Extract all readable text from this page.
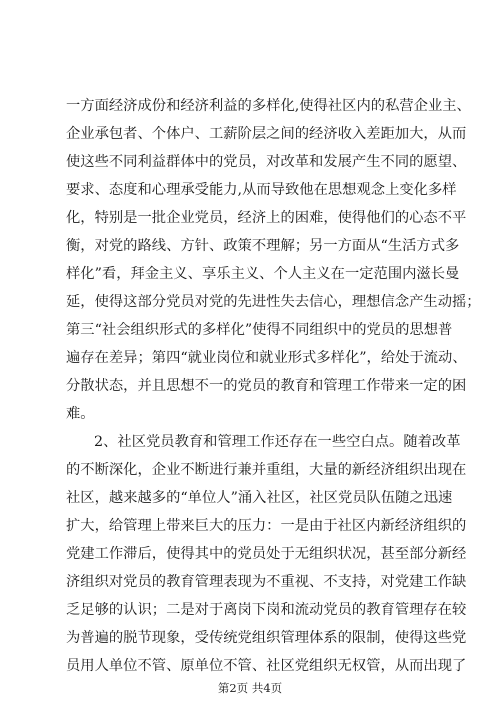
一方面经济成份和经济利益的多样化,使得社区内的私营企业主、
企业承包者、个体户、工薪阶层之间的经济收入差距加大，从而
使这些不同利益群体中的党员，对改革和发展产生不同的愿望、
要求、态度和心理承受能力,从而导致他在思想观念上变化多样
化，特别是一批企业党员，经济上的困难，使得他们的心态不平
衡，对党的路线、方针、政策不理解；另一方面从“生活方式多
样化”看，拜金主义、享乐主义、个人主义在一定范围内滋长曼
延，使得这部分党员对党的先进性失去信心，理想信念产生动摇；
第三“社会组织形式的多样化”使得不同组织中的党员的思想普
遍存在差异；第四“就业岗位和就业形式多样化”，给处于流动、
分散状态，并且思想不一的党员的教育和管理工作带来一定的困
难。
2、社区党员教育和管理工作还存在一些空白点。随着改革
的不断深化，企业不断进行兼并重组，大量的新经济组织出现在
社区，越来越多的“单位人”涌入社区，社区党员队伍随之迅速
扩大，给管理上带来巨大的压力：一是由于社区内新经济组织的
党建工作滞后，使得其中的党员处于无组织状况，甚至部分新经
济组织对党员的教育管理表现为不重视、不支持，对党建工作缺
乏足够的认识；二是对于离岗下岗和流动党员的教育管理存在较
为普遍的脱节现象，受传统党组织管理体系的限制，使得这些党
员用人单位不管、原单位不管、社区党组织无权管，从而出现了
第2页 共4页
